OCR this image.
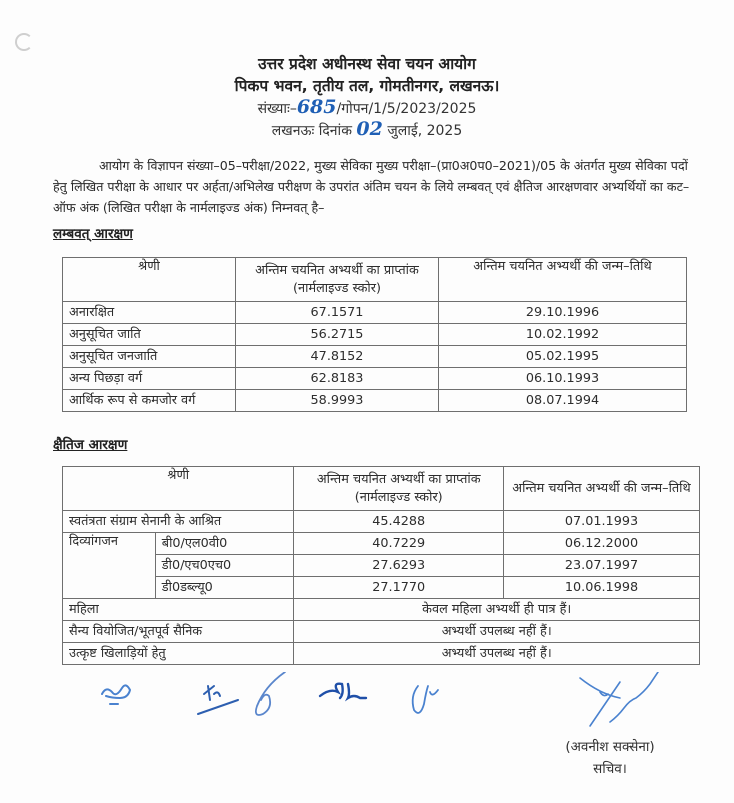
उत्तर प्रदेश अधीनस्थ सेवा चयन आयोग
पिकप भवन, तृतीय तल, गोमतीनगर, लखनऊ।
संख्याः–685/गोपन/1/5/2023/2025
लखनऊः दिनांक 02 जुलाई, 2025
आयोग के विज्ञापन संख्या–05–परीक्षा/2022, मुख्य सेविका मुख्य परीक्षा–(प्रा0अ0प0–2021)/05 के अंतर्गत मुख्य सेविका पदों हेतु लिखित परीक्षा के आधार पर अर्हता/अभिलेख परीक्षण के उपरांत अंतिम चयन के लिये लम्बवत् एवं क्षैतिज आरक्षणवार अभ्यर्थियों का कट–ऑफ अंक (लिखित परीक्षा के नार्मलाइज्ड अंक) निम्नवत् है–
लम्बवत् आरक्षण
श्रेणी	अन्तिम चयनित अभ्यर्थी का प्राप्तांक (नार्मलाइज्ड स्कोर)	अन्तिम चयनित अभ्यर्थी की जन्म–तिथि
अनारक्षित	67.1571	29.10.1996
अनुसूचित जाति	56.2715	10.02.1992
अनुसूचित जनजाति	47.8152	05.02.1995
अन्य पिछड़ा वर्ग	62.8183	06.10.1993
आर्थिक रूप से कमजोर वर्ग	58.9993	08.07.1994
क्षैतिज आरक्षण
श्रेणी		अन्तिम चयनित अभ्यर्थी का प्राप्तांक (नार्मलाइज्ड स्कोर)	अन्तिम चयनित अभ्यर्थी की जन्म–तिथि
स्वतंत्रता संग्राम सेनानी के आश्रित		45.4288	07.01.1993
दिव्यांगजन	बी0/एल0वी0	40.7229	06.12.2000
	डी0/एच0एच0	27.6293	23.07.1997
	डी0डब्ल्यू0	27.1770	10.06.1998
महिला		केवल महिला अभ्यर्थी ही पात्र हैं।	
सैन्य वियोजित/भूतपूर्व सैनिक		अभ्यर्थी उपलब्ध नहीं हैं।	
उत्कृष्ट खिलाड़ियों हेतु		अभ्यर्थी उपलब्ध नहीं हैं।	
(अवनीश सक्सेना)
सचिव।
